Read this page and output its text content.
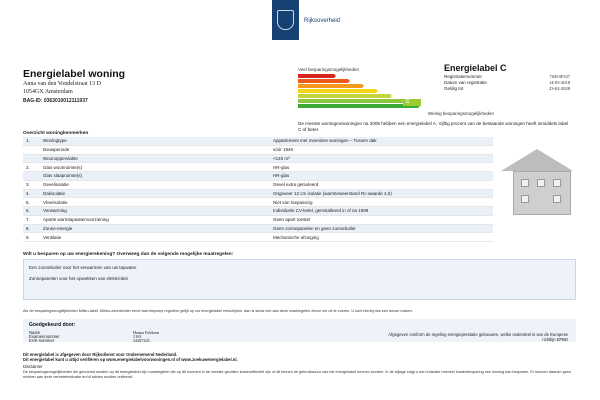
Rijksoverheid
Energielabel woning
Anna van den Vondelstraat 13 D
1054GX Amsterdam
BAG-ID: 0363010012111937
Veel besparingsmogelijkheden
C
Weinig besparingsmogelijkheden
Energielabel C
Registratienummer	70453F337
Datum van registratie	14-03-2018
Geldig tot	23-02-2028
De meeste woningen/woningen na 2008 hebben een energielabel A. Vijftig procent van de bestaande woningen heeft inmiddels label C of beter.
Overzicht woningkenmerken
1.	Woningtype	Appartement met meerdere woningen – Tussen dak
Bouwperiode	vóór 1946
Woonoppervlakte	<140 m²
2.	Glas woonruimte(s)	HR-glas
Glas slaapruimte(s)	HR-glas
3.	Gevelisolatie	Gevel extra geïsoleerd
4.	Dakisolatie	Ongeveer 12 cm isolatie (warmteweerstand Rc-waarde 4,0)
5.	Vloerisolatie	Niet van toepassing
6.	Verwarming	Individuele CV-ketel, geïnstalleerd in of na 1998
7.	Aparte warmtapwatervoorziening	Geen apart toestel
8.	Zonne-energie	Geen zonnepanelen en geen zonneboiler
9.	Ventilatie	Mechanische afzuiging
Wilt u besparen op uw energierekening? Overweeg dan de volgende mogelijke maatregelen:
Een zonneboiler voor het verwarmen van uw tapwater
Zonnepanelen voor het opwekken van elektriciteit
Als de besparingsmogelijkheden Milieu-label, Milieu-zonneboiler en/of warmtepomp reguliere gelijk op uw energielabel verschijnen, dan is sinds niet aan deze maatregelen zinvol om uit te voeren. U kunt hierbij dus een keuze maken.
Goedgekeurd door:
Naam	Hanna Fokkens
Examennummer	5163
KVK-nummer	34287425
Afgegeven conform de regeling energieprestatie gebouwen, welke onderdeel is van de Europese richtlijn EPBD
Dit energielabel is afgegeven door Rijksdienst voor Ondernemend Nederland.
Dit energielabel kunt u altijd verifiëren op www.energielabelvoorwoningen.nl of www.zoekuwenergielabel.nl.
Disclaimer
De besparingsmogelijkheden die genoemd worden op dit energielabel zijn maatregelen die op dit moment in de meeste gevallen kosteneffectief zijn of dit binnen de gebruiksduur van het energielabel kunnen worden. In de bijlage krijgt u een indicatie hoeveel kostenbesparing een woning kan besparen. Er kunnen daarom geen rechten aan deze verbeterindicatie en/of advies worden ontleend.
